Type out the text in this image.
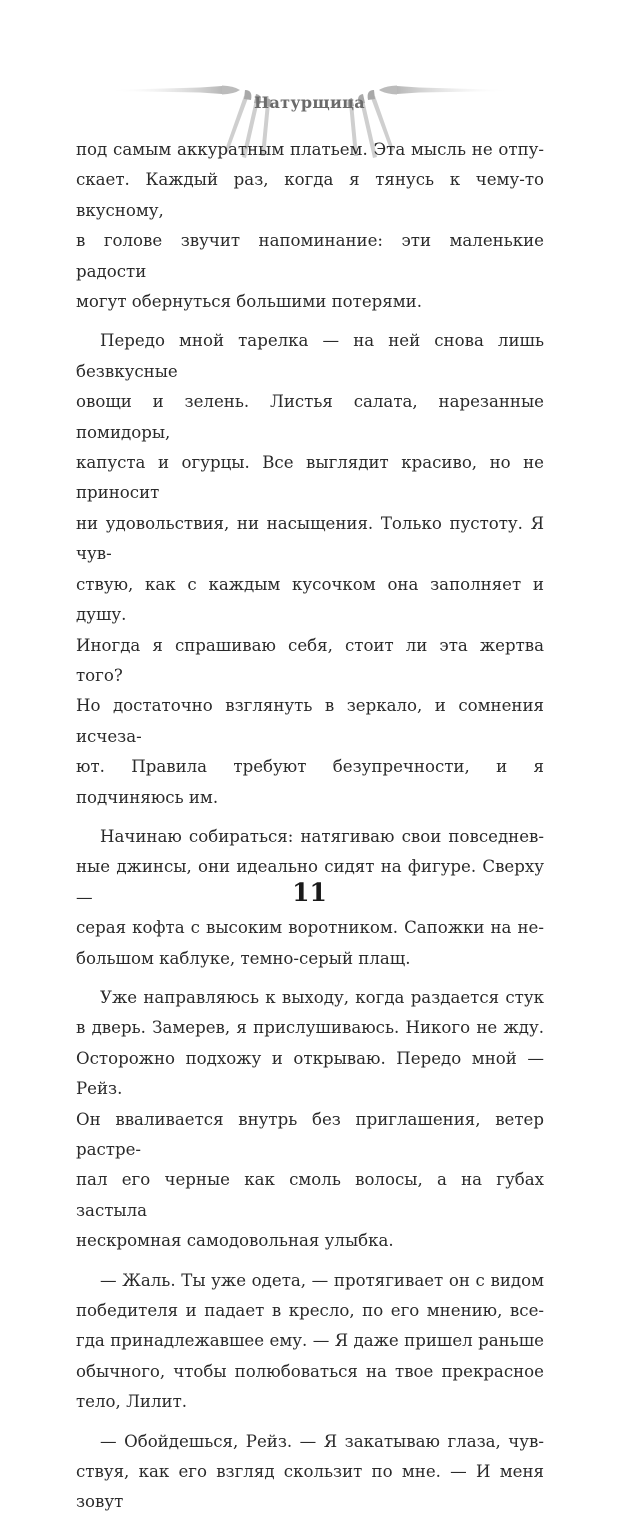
Натурщица

под самым аккуратным платьем. Эта мысль не отпу-

скает. Каждый раз, когда я тянусь к чему-то вкусному,

в голове звучит напоминание: эти маленькие радости

могут обернуться большими потерями.

Передо мной тарелка — на ней снова лишь безвкусные

овощи и зелень. Листья салата, нарезанные помидоры,

капуста и огурцы. Все выглядит красиво, но не приносит

ни удовольствия, ни насыщения. Только пустоту. Я чув-

ствую, как с каждым кусочком она заполняет и душу.

Иногда я спрашиваю себя, стоит ли эта жертва того?

Но достаточно взглянуть в зеркало, и сомнения исчеза-

ют. Правила требуют безупречности, и я подчиняюсь им.

Начинаю собираться: натягиваю свои повседнев-

ные джинсы, они идеально сидят на фигуре. Сверху —

серая кофта с высоким воротником. Сапожки на не-

большом каблуке, темно-серый плащ.

Уже направляюсь к выходу, когда раздается стук

в дверь. Замерев, я прислушиваюсь. Никого не жду.

Осторожно подхожу и открываю. Передо мной — Рейз.

Он вваливается внутрь без приглашения, ветер растре-

пал его черные как смоль волосы, а на губах застыла

нескромная самодовольная улыбка.

— Жаль. Ты уже одета, — протягивает он с видом

победителя и падает в кресло, по его мнению, все-

гда принадлежавшее ему. — Я даже пришел раньше

обычного, чтобы полюбоваться на твое прекрасное

тело, Лилит.

— Обойдешься, Рейз. — Я закатываю глаза, чув-

ствуя, как его взгляд скользит по мне. — И меня зовут

11
